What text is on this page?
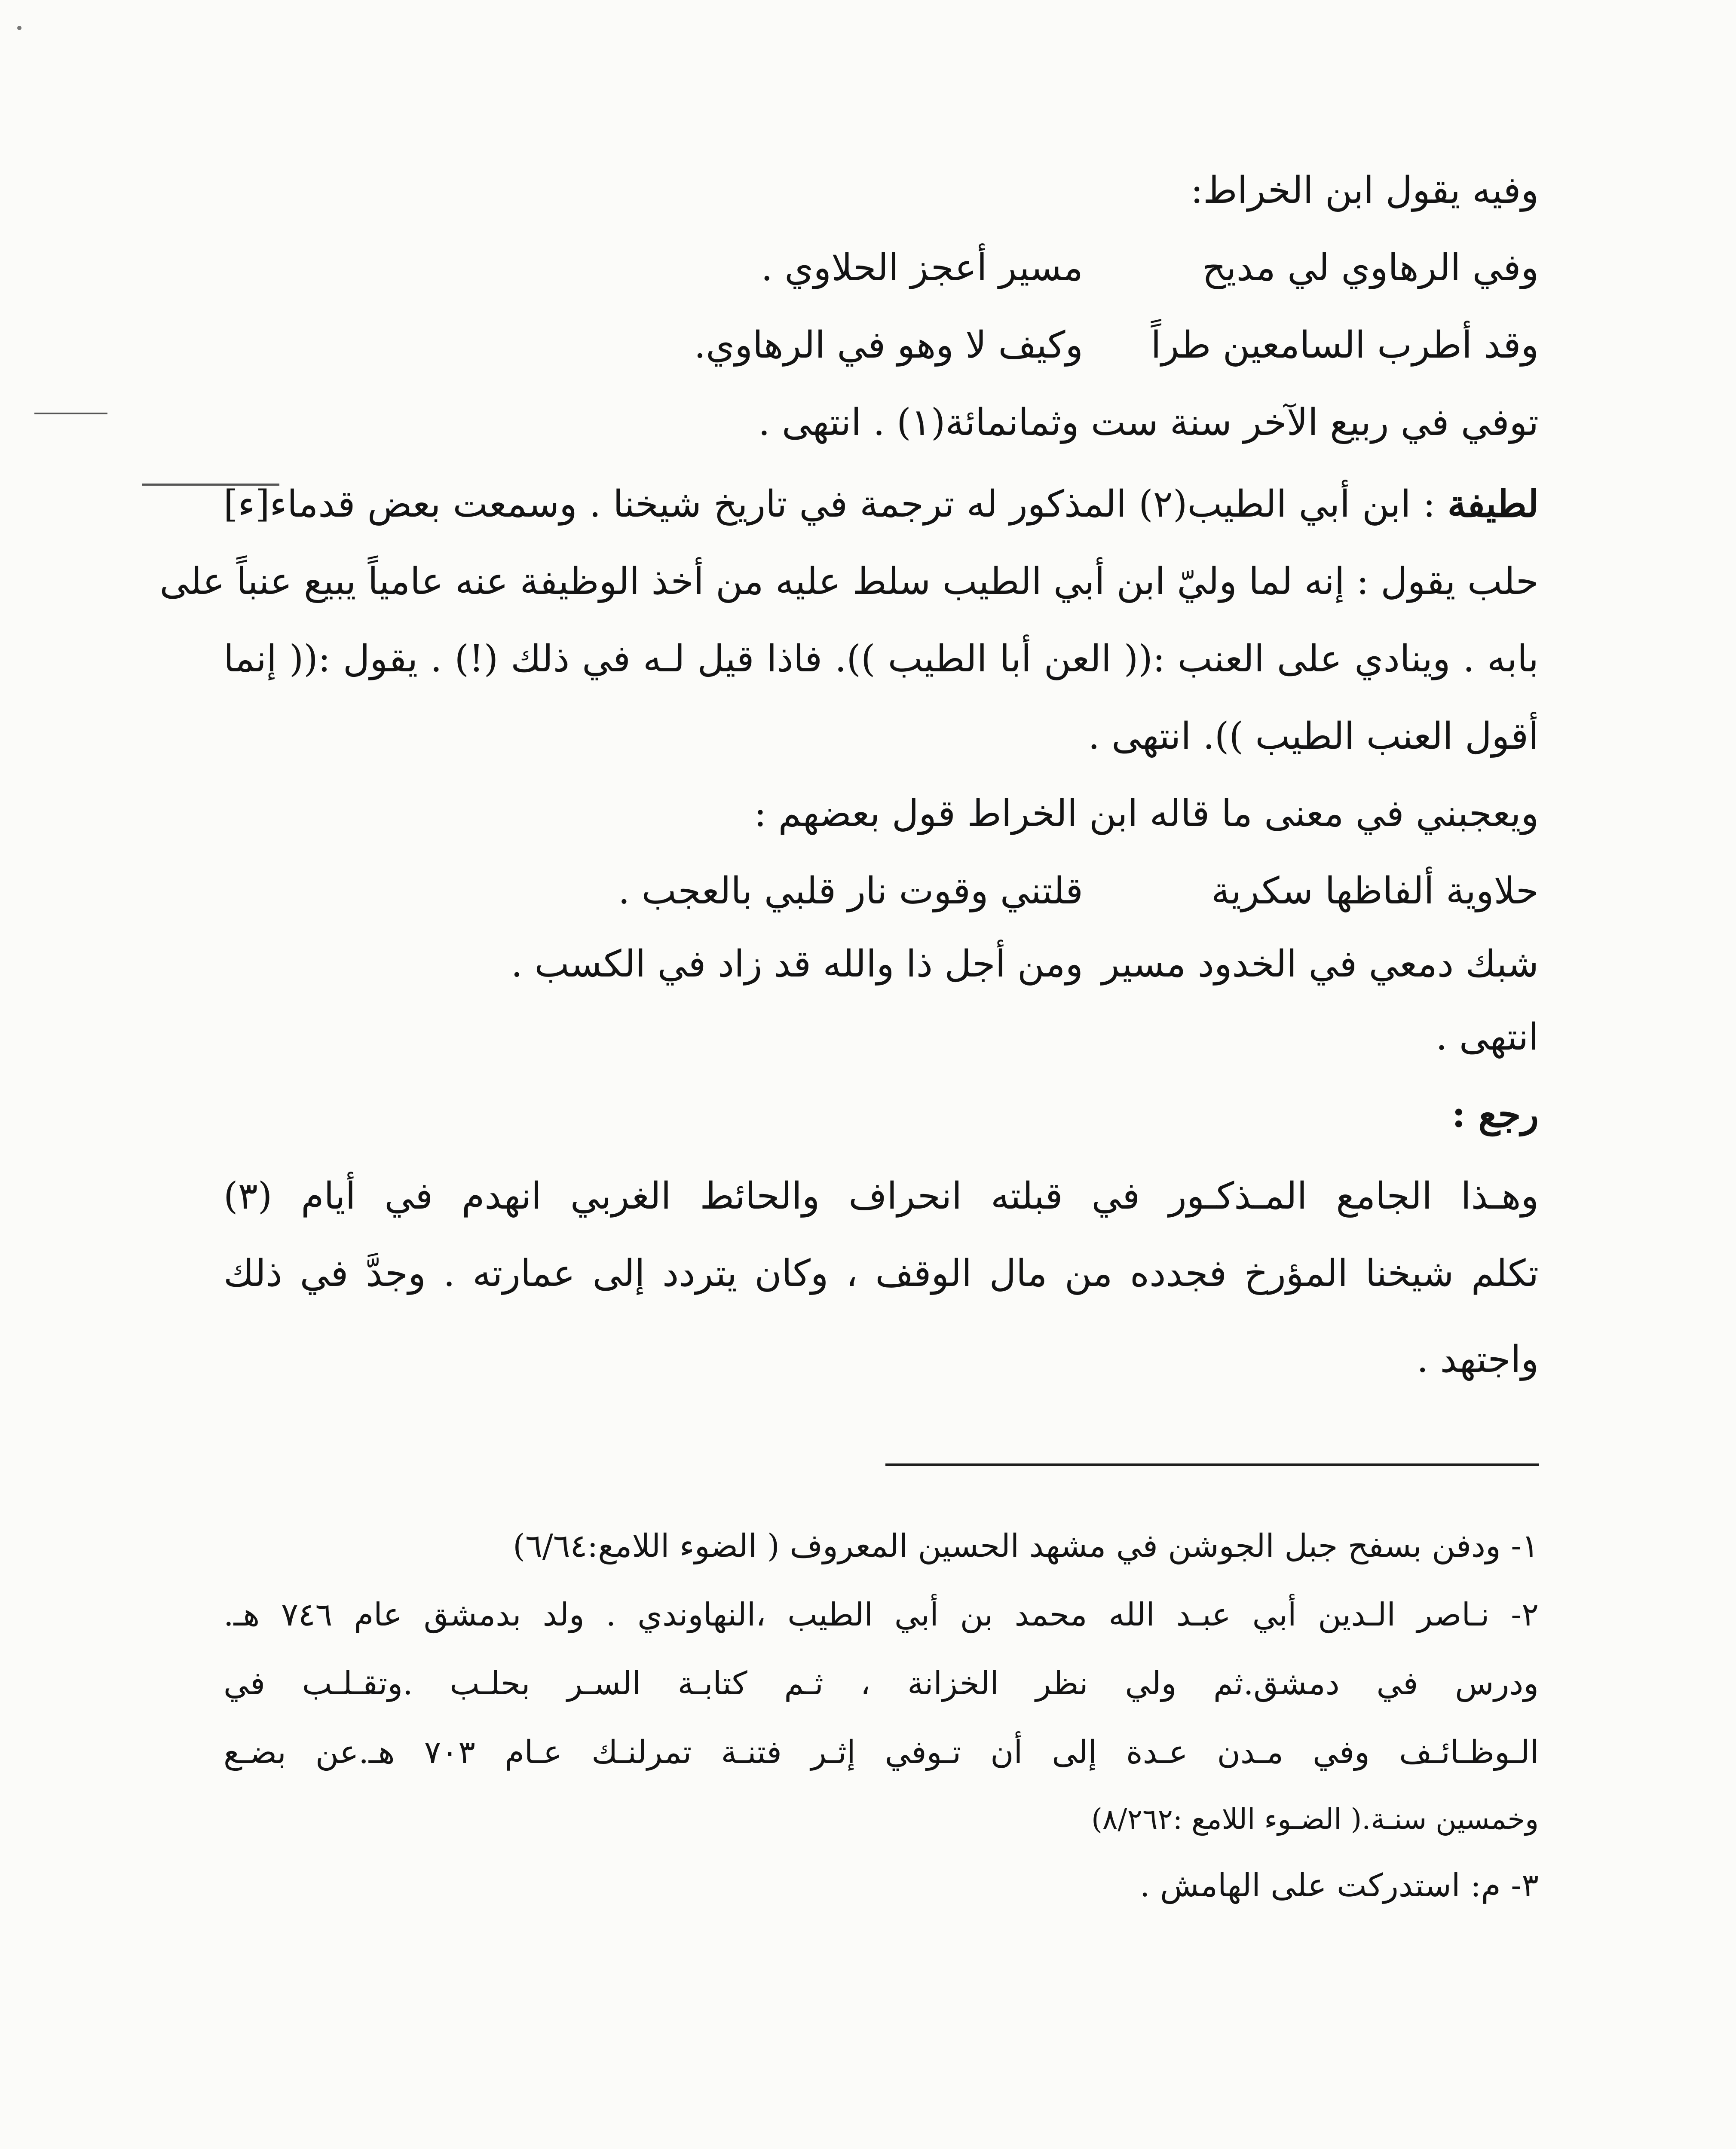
وفيه يقول ابن الخراط:
وفي الرهاوي لي مديح
مسير أعجز الحلاوي .
وقد أطرب السامعين طراً
وكيف لا وهو في الرهاوي.
توفي في ربيع الآخر سنة ست وثمانمائة(١) . انتهى .
لطيفة : ابن أبي الطيب(٢) المذكور له ترجمة في تاريخ شيخنا . وسمعت بعض قدماء[ء]
حلب يقول : إنه لما وليّ ابن أبي الطيب سلط عليه من أخذ الوظيفة عنه عامياً يبيع عنباً على
بابه . وينادي على العنب :(( العن أبا الطيب )). فاذا قيل لـه في ذلك (!) . يقول :(( إنما
أقول العنب الطيب )). انتهى .
ويعجبني في معنى ما قاله ابن الخراط قول بعضهم :
حلاوية ألفاظها سكرية
قلتني وقوت نار قلبي بالعجب .
شبك دمعي في الخدود مسير
ومن أجل ذا والله قد زاد في الكسب .
انتهى .
رجع :
وهـذا الجامع المـذكـور في قبلته انحراف والحائط الغربي انهدم في أيام (٣)
تكلم شيخنا المؤرخ فجدده من مال الوقف ، وكان يتردد إلى عمارته . وجدَّ في ذلك
واجتهد .
١- ودفن بسفح جبل الجوشن في مشهد الحسين المعروف ( الضوء اللامع:٦/٦٤)
٢- نـاصر الـدين أبي عبـد الله محمد بن أبي الطيب ،النهاوندي . ولد بدمشق عام ٧٤٦ هـ.
ودرس في دمشق.ثم ولي نظر الخزانة ، ثـم كتابـة السـر بحلـب .وتقـلـب في
الـوظـائـف وفي مـدن عـدة إلى أن تـوفي إثـر فتنـة تمرلنـك عـام ٧٠٣ هـ.عن بضـع
وخمسين سنـة.( الضـوء اللامع :٨/٢٦٢)
٣- م: استدركت على الهامش .
